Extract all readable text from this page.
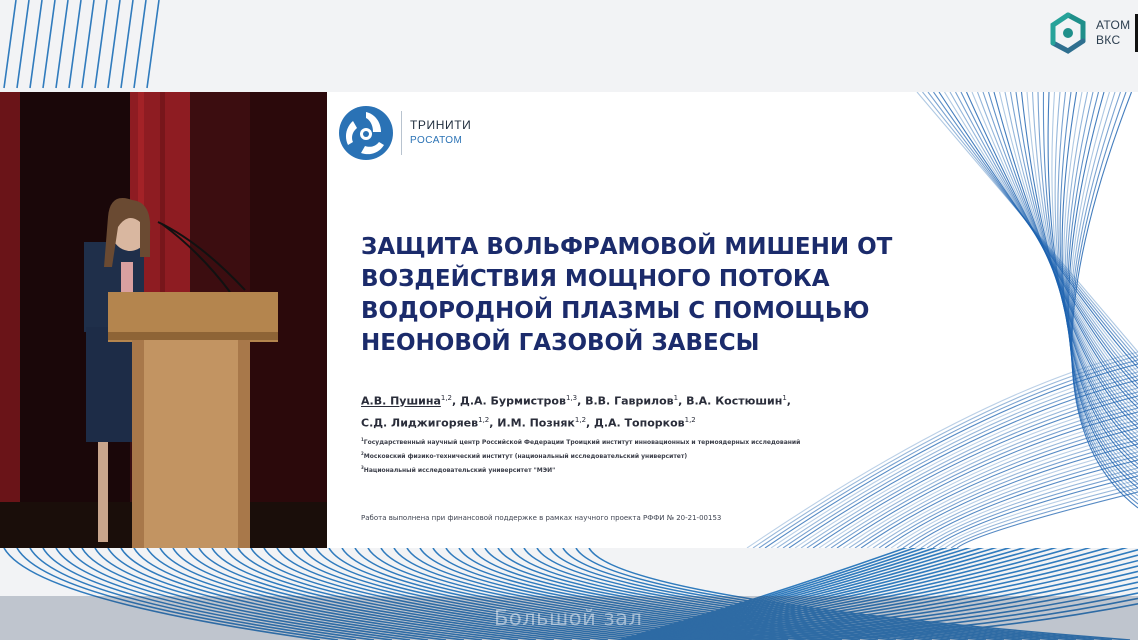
АТОМ
ВКС
ТРИНИТИ
РОСАТОМ
ЗАЩИТА ВОЛЬФРАМОВОЙ МИШЕНИ ОТ
ВОЗДЕЙСТВИЯ МОЩНОГО ПОТОКА
ВОДОРОДНОЙ ПЛАЗМЫ С ПОМОЩЬЮ
НЕОНОВОЙ ГАЗОВОЙ ЗАВЕСЫ
А.В. Пушина$^{1,2}$, Д.А. Бурмистров$^{1,3}$, В.В. Гаврилов$^1$, В.А. Костюшин$^1$,
С.Д. Лиджигоряев$^{1,2}$, И.М. Позняк$^{1,2}$, Д.А. Топорков$^{1,2}$
$^1$Государственный научный центр Российской Федерации Троицкий институт инновационных и термоядерных исследований
$^2$Московский физико-технический институт (национальный исследовательский университет)
$^3$Национальный исследовательский университет "МЭИ"
Работа выполнена при финансовой поддержке в рамках научного проекта РФФИ № 20-21-00153
Большой зал
